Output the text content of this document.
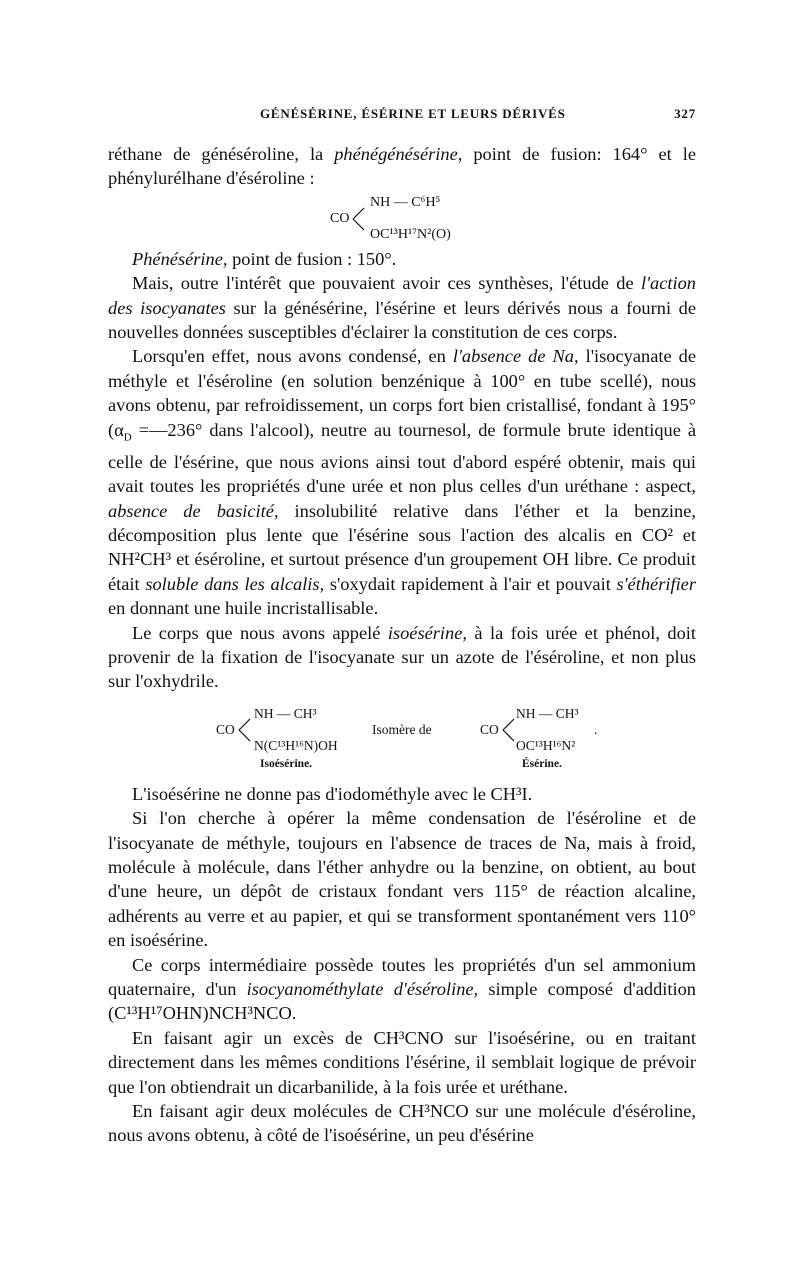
GÉNÉSÉRINE, ÉSÉRINE ET LEURS DÉRIVÉS	327

réthane de généséroline, la phénégénésérine, point de fusion: 164° et le phénylurélhane d'éséroline :

CO
NH — C⁶H⁵
OC¹³H¹⁷N²(O)

Phénésérine, point de fusion : 150°.

Mais, outre l'intérêt que pouvaient avoir ces synthèses, l'étude de l'action des isocyanates sur la génésérine, l'ésérine et leurs dérivés nous a fourni de nouvelles données susceptibles d'éclairer la constitution de ces corps.

Lorsqu'en effet, nous avons condensé, en l'absence de Na, l'isocyanate de méthyle et l'éséroline (en solution benzénique à 100° en tube scellé), nous avons obtenu, par refroidissement, un corps fort bien cristallisé, fondant à 195° ($\alpha_D$ =—236° dans l'alcool), neutre au tournesol, de formule brute identique à celle de l'ésérine, que nous avions ainsi tout d'abord espéré obtenir, mais qui avait toutes les propriétés d'une urée et non plus celles d'un uréthane : aspect, absence de basicité, insolubilité relative dans l'éther et la benzine, décomposition plus lente que l'ésérine sous l'action des alcalis en CO² et NH²CH³ et éséroline, et surtout présence d'un groupement OH libre. Ce produit était soluble dans les alcalis, s'oxydait rapidement à l'air et pouvait s'éthérifier en donnant une huile incristallisable.

Le corps que nous avons appelé isoésérine, à la fois urée et phénol, doit provenir de la fixation de l'isocyanate sur un azote de l'éséroline, et non plus sur l'oxhydrile.

CO
NH — CH³
N(C¹³H¹⁶N)OH
Isoésérine.
Isomère de	CO
NH — CH³
OC¹³H¹⁶N²
.
Ésérine.

L'isoésérine ne donne pas d'iodométhyle avec le CH³I.

Si l'on cherche à opérer la même condensation de l'éséroline et de l'isocyanate de méthyle, toujours en l'absence de traces de Na, mais à froid, molécule à molécule, dans l'éther anhydre ou la benzine, on obtient, au bout d'une heure, un dépôt de cristaux fondant vers 115° de réaction alcaline, adhérents au verre et au papier, et qui se transforment spontanément vers 110° en isoésérine.

Ce corps intermédiaire possède toutes les propriétés d'un sel ammonium quaternaire, d'un isocyanométhylate d'éséroline, simple composé d'addition (C¹³H¹⁷OHN)NCH³NCO.

En faisant agir un excès de CH³CNO sur l'isoésérine, ou en traitant directement dans les mêmes conditions l'ésérine, il semblait logique de prévoir que l'on obtiendrait un dicarbanilide, à la fois urée et uréthane.

En faisant agir deux molécules de CH³NCO sur une molécule d'éséroline, nous avons obtenu, à côté de l'isoésérine, un peu d'ésérine
